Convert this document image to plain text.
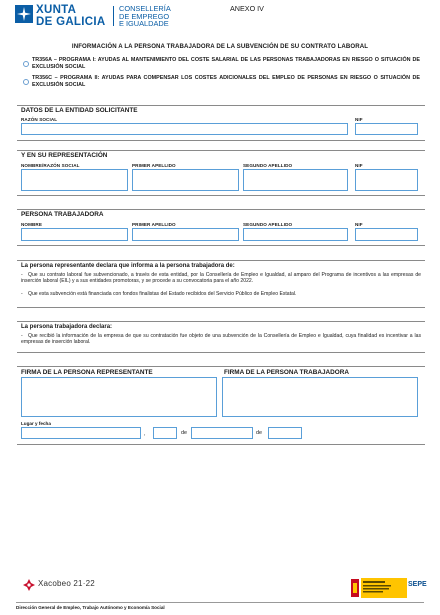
XUNTA
DE GALICIA
CONSELLERÍA
DE EMPREGO
E IGUALDADE
ANEXO IV
INFORMACIÓN A LA PERSONA TRABAJADORA DE LA SUBVENCIÓN DE SU CONTRATO LABORAL
TR356A – PROGRAMA I: AYUDAS AL MANTENIMIENTO DEL COSTE SALARIAL DE LAS PERSONAS TRABAJADORAS EN RIESGO O SITUACIÓN DE EXCLUSIÓN SOCIAL
TR356C – PROGRAMA II: AYUDAS PARA COMPENSAR LOS COSTES ADICIONALES DEL EMPLEO DE PERSONAS EN RIESGO O SITUACIÓN DE EXCLUSIÓN SOCIAL
DATOS DE LA ENTIDAD SOLICITANTE
RAZÓN SOCIAL	NIF
Y EN SU REPRESENTACIÓN
NOMBRE/RAZÓN SOCIAL	PRIMER APELLIDO	SEGUNDO APELLIDO	NIF
PERSONA TRABAJADORA
NOMBRE	PRIMER APELLIDO	SEGUNDO APELLIDO	NIF
La persona representante declara que informa a la persona trabajadora de:
- Que su contrato laboral fue subvencionado, a través de esta entidad, por la Consellería de Empleo e Igualdad, al amparo del Programa de incentivos a las empresas de inserción laboral (EIL) y a sus entidades promotoras, y se procede a su convocatoria para el año 2022.
- Que esta subvención está financiada con fondos finalistas del Estado recibidos del Servicio Público de Empleo Estatal.
La persona trabajadora declara:
- Que recibió la información de la empresa de que su contratación fue objeto de una subvención de la Consellería de Empleo e Igualdad, cuya finalidad es incentivar a las empresas de inserción laboral.
FIRMA DE LA PERSONA REPRESENTANTE	FIRMA DE LA PERSONA TRABAJADORA
Lugar y fecha
,	de	de
Xacobeo 21·22	SEPE
Dirección General de Empleo, Trabajo Autónomo y Economía Social
